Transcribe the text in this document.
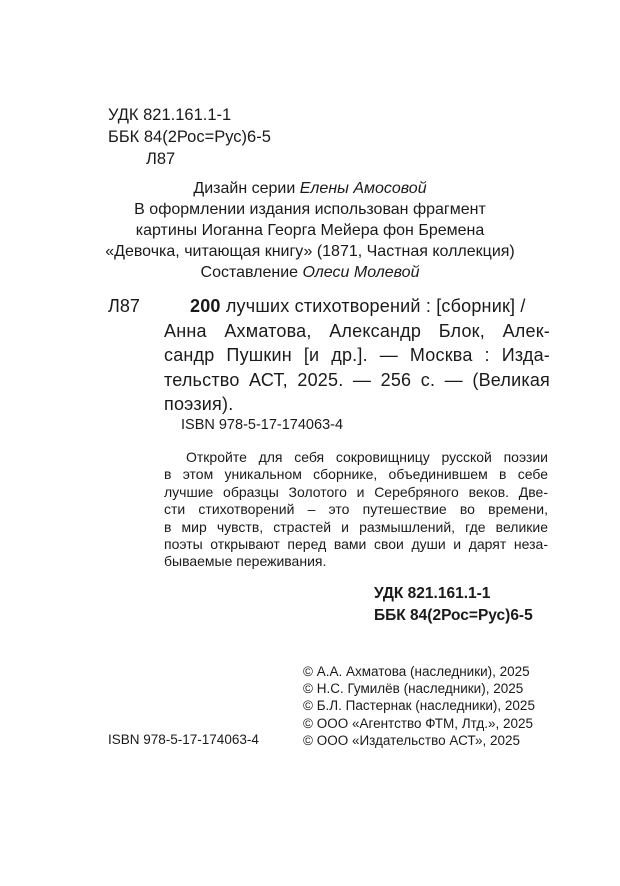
УДК 821.161.1-1
ББК 84(2Рос=Рус)6-5
Л87
Дизайн серии Елены Амосовой
В оформлении издания использован фрагмент
картины Иоганна Георга Мейера фон Бремена
«Девочка, читающая книгу» (1871, Частная коллекция)
Составление Олеси Молевой
Л87	200 лучших стихотворений : [сборник] /
Анна Ахматова, Александр Блок, Алек-
сандр Пушкин [и др.]. — Москва : Изда-
тельство АСТ, 2025. — 256 с. — (Великая
поэзия).
ISBN 978-5-17-174063-4
Откройте для себя сокровищницу русской поэзии
в этом уникальном сборнике, объединившем в себе
лучшие образцы Золотого и Серебряного веков. Две-
сти стихотворений – это путешествие во времени,
в мир чувств, страстей и размышлений, где великие
поэты открывают перед вами свои души и дарят неза-
бываемые переживания.
УДК 821.161.1-1
ББК 84(2Рос=Рус)6-5
© А.А. Ахматова (наследники), 2025
© Н.С. Гумилёв (наследники), 2025
© Б.Л. Пастернак (наследники), 2025
© ООО «Агентство ФТМ, Лтд.», 2025
© ООО «Издательство АСТ», 2025
ISBN 978-5-17-174063-4
